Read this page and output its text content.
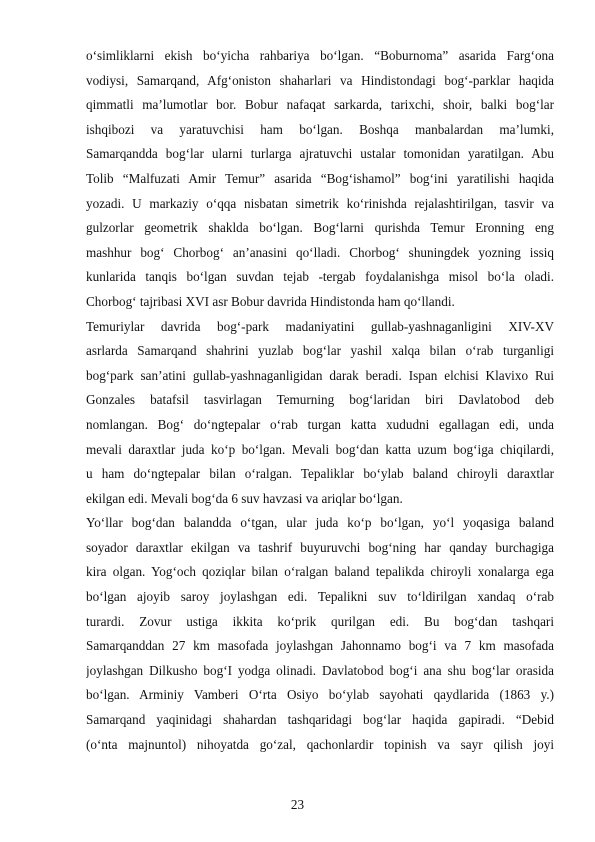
o‘simliklarni ekish bo‘yicha rahbariya bo‘lgan. “Boburnoma” asarida Farg‘ona
vodiysi, Samarqand, Afg‘oniston shaharlari va Hindistondagi bog‘-parklar haqida
qimmatli ma’lumotlar bor. Bobur nafaqat sarkarda, tarixchi, shoir, balki bog‘lar
ishqibozi va yaratuvchisi ham bo‘lgan. Boshqa manbalardan ma’lumki,
Samarqandda bog‘lar ularni turlarga ajratuvchi ustalar tomonidan yaratilgan. Abu
Tolib “Malfuzati Amir Temur” asarida “Bog‘ishamol” bog‘ini yaratilishi haqida
yozadi. U markaziy o‘qqa nisbatan simetrik ko‘rinishda rejalashtirilgan, tasvir va
gulzorlar geometrik shaklda bo‘lgan. Bog‘larni qurishda Temur Eronning eng
mashhur bog‘ Chorbog‘ an’anasini qo‘lladi. Chorbog‘ shuningdek yozning issiq
kunlarida tanqis bo‘lgan suvdan tejab -tergab foydalanishga misol bo‘la oladi.
Chorbog‘ tajribasi XVI asr Bobur davrida Hindistonda ham qo‘llandi.
Temuriylar davrida bog‘-park madaniyatini gullab-yashnaganligini XIV-XV
asrlarda Samarqand shahrini yuzlab bog‘lar yashil xalqa bilan o‘rab turganligi
bog‘park san’atini gullab-yashnaganligidan darak beradi. Ispan elchisi Klavixo Rui
Gonzales batafsil tasvirlagan Temurning bog‘laridan biri Davlatobod deb
nomlangan. Bog‘ do‘ngtepalar o‘rab turgan katta xududni egallagan edi, unda
mevali daraxtlar juda ko‘p bo‘lgan. Mevali bog‘dan katta uzum bog‘iga chiqilardi,
u ham do‘ngtepalar bilan o‘ralgan. Tepaliklar bo‘ylab baland chiroyli daraxtlar
ekilgan edi. Mevali bog‘da 6 suv havzasi va ariqlar bo‘lgan.
Yo‘llar bog‘dan balandda o‘tgan, ular juda ko‘p bo‘lgan, yo‘l yoqasiga baland
soyador daraxtlar ekilgan va tashrif buyuruvchi bog‘ning har qanday burchagiga
kira olgan. Yog‘och qoziqlar bilan o‘ralgan baland tepalikda chiroyli xonalarga ega
bo‘lgan ajoyib saroy joylashgan edi. Tepalikni suv to‘ldirilgan xandaq o‘rab
turardi. Zovur ustiga ikkita ko‘prik qurilgan edi. Bu bog‘dan tashqari
Samarqanddan 27 km masofada joylashgan Jahonnamo bog‘i va 7 km masofada
joylashgan Dilkusho bog‘I yodga olinadi. Davlatobod bog‘i ana shu bog‘lar orasida
bo‘lgan. Arminiy Vamberi O‘rta Osiyo bo‘ylab sayohati qaydlarida (1863 y.)
Samarqand yaqinidagi shahardan tashqaridagi bog‘lar haqida gapiradi. “Debid
(o‘nta majnuntol) nihoyatda go‘zal, qachonlardir topinish va sayr qilish joyi
23
